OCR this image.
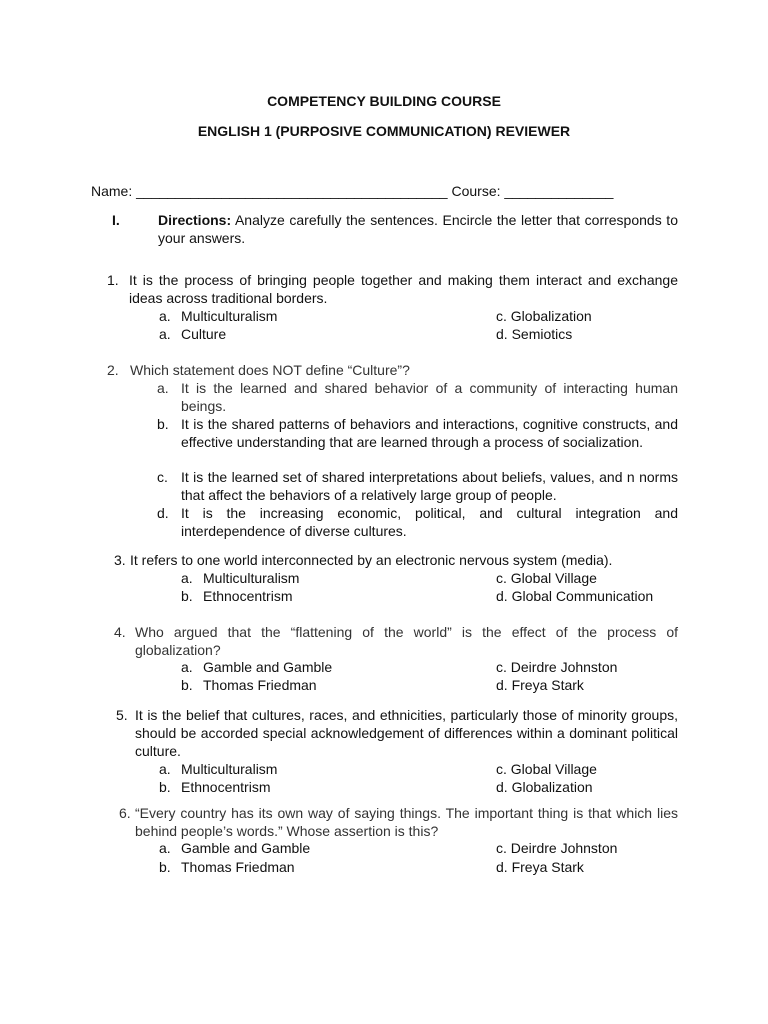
COMPETENCY BUILDING COURSE
ENGLISH 1 (PURPOSIVE COMMUNICATION) REVIEWER
Name: ________________________________________ Course: ______________
I.	Directions: Analyze carefully the sentences. Encircle the letter that corresponds to your answers.
1. It is the process of bringing people together and making them interact and exchange ideas across traditional borders.
a. Multiculturalism
a. Culture
c. Globalization
d. Semiotics
2. Which statement does NOT define “Culture”?
a. It is the learned and shared behavior of a community of interacting human beings.
b. It is the shared patterns of behaviors and interactions, cognitive constructs, and effective understanding that are learned through a process of socialization.
c. It is the learned set of shared interpretations about beliefs, values, and n norms that affect the behaviors of a relatively large group of people.
d. It is the increasing economic, political, and cultural integration and interdependence of diverse cultures.
3. It refers to one world interconnected by an electronic nervous system (media).
a. Multiculturalism
b. Ethnocentrism
c. Global Village
d. Global Communication
4. Who argued that the “flattening of the world” is the effect of the process of globalization?
a. Gamble and Gamble
b. Thomas Friedman
c. Deirdre Johnston
d. Freya Stark
5. It is the belief that cultures, races, and ethnicities, particularly those of minority groups, should be accorded special acknowledgement of differences within a dominant political culture.
a. Multiculturalism
b. Ethnocentrism
c. Global Village
d. Globalization
6. “Every country has its own way of saying things. The important thing is that which lies behind people’s words.” Whose assertion is this?
a. Gamble and Gamble
b. Thomas Friedman
c. Deirdre Johnston
d. Freya Stark
